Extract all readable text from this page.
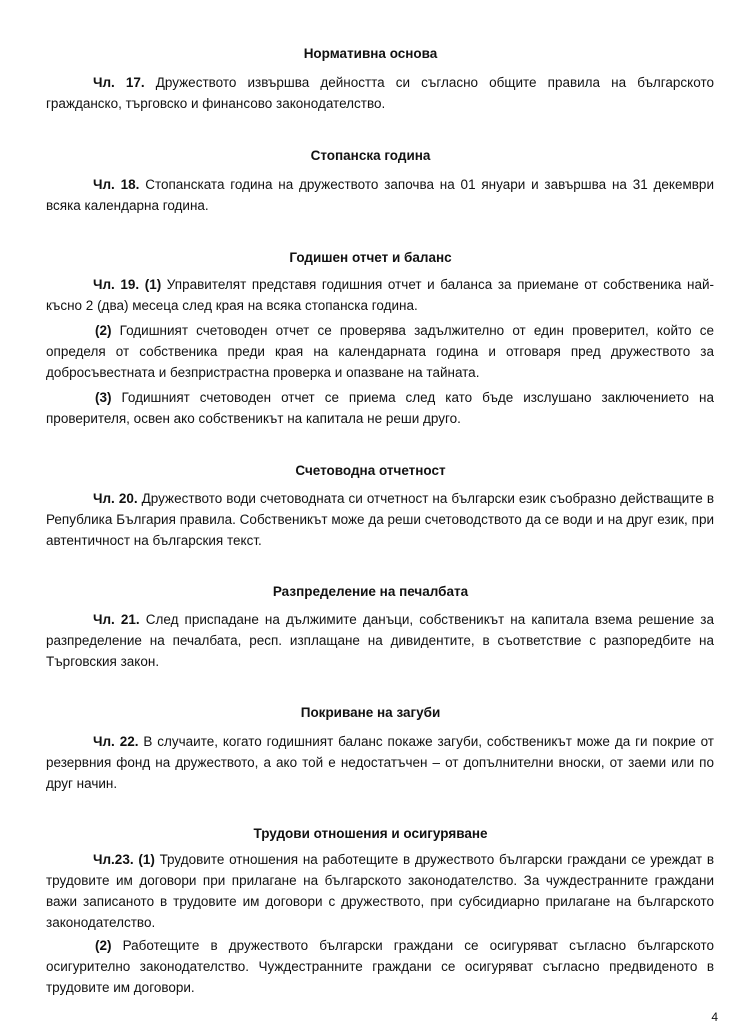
Нормативна основа
Чл. 17. Дружеството извършва дейността си съгласно общите правила на българското гражданско, търговско и финансово законодателство.
Стопанска година
Чл. 18. Стопанската година на дружеството започва на 01 януари и завършва на 31 декември всяка календарна година.
Годишен отчет и баланс
Чл. 19. (1) Управителят представя годишния отчет и баланса за приемане от собственика най-късно 2 (два) месеца след края на всяка стопанска година.
(2) Годишният счетоводен отчет се проверява задължително от един проверител, който се определя от собственика преди края на календарната година и отговаря пред дружеството за добросъвестната и безпристрастна проверка и опазване на тайната.
(3) Годишният счетоводен отчет се приема след като бъде изслушано заключението на проверителя, освен ако собственикът на капитала не реши друго.
Счетоводна отчетност
Чл. 20. Дружеството води счетоводната си отчетност на български език съобразно действащите в Република България правила. Собственикът може да реши счетоводството да се води и на друг език, при автентичност на българския текст.
Разпределение на печалбата
Чл. 21. След приспадане на дължимите данъци, собственикът на капитала взема решение за разпределение на печалбата, респ. изплащане на дивидентите, в съответствие с разпоредбите на Търговския закон.
Покриване на загуби
Чл. 22. В случаите, когато годишният баланс покаже загуби, собственикът може да ги покрие от резервния фонд на дружеството, а ако той е недостатъчен – от допълнителни вноски, от заеми или по друг начин.
Трудови отношения и осигуряване
Чл.23. (1) Трудовите отношения на работещите в дружеството български граждани се уреждат в трудовите им договори при прилагане на българското законодателство. За чуждестранните граждани важи записаното в трудовите им договори с дружеството, при субсидиарно прилагане на българското законодателство.
(2) Работещите в дружеството български граждани се осигуряват съгласно българското осигурително законодателство. Чуждестранните граждани се осигуряват съгласно предвиденото в трудовите им договори.
4
